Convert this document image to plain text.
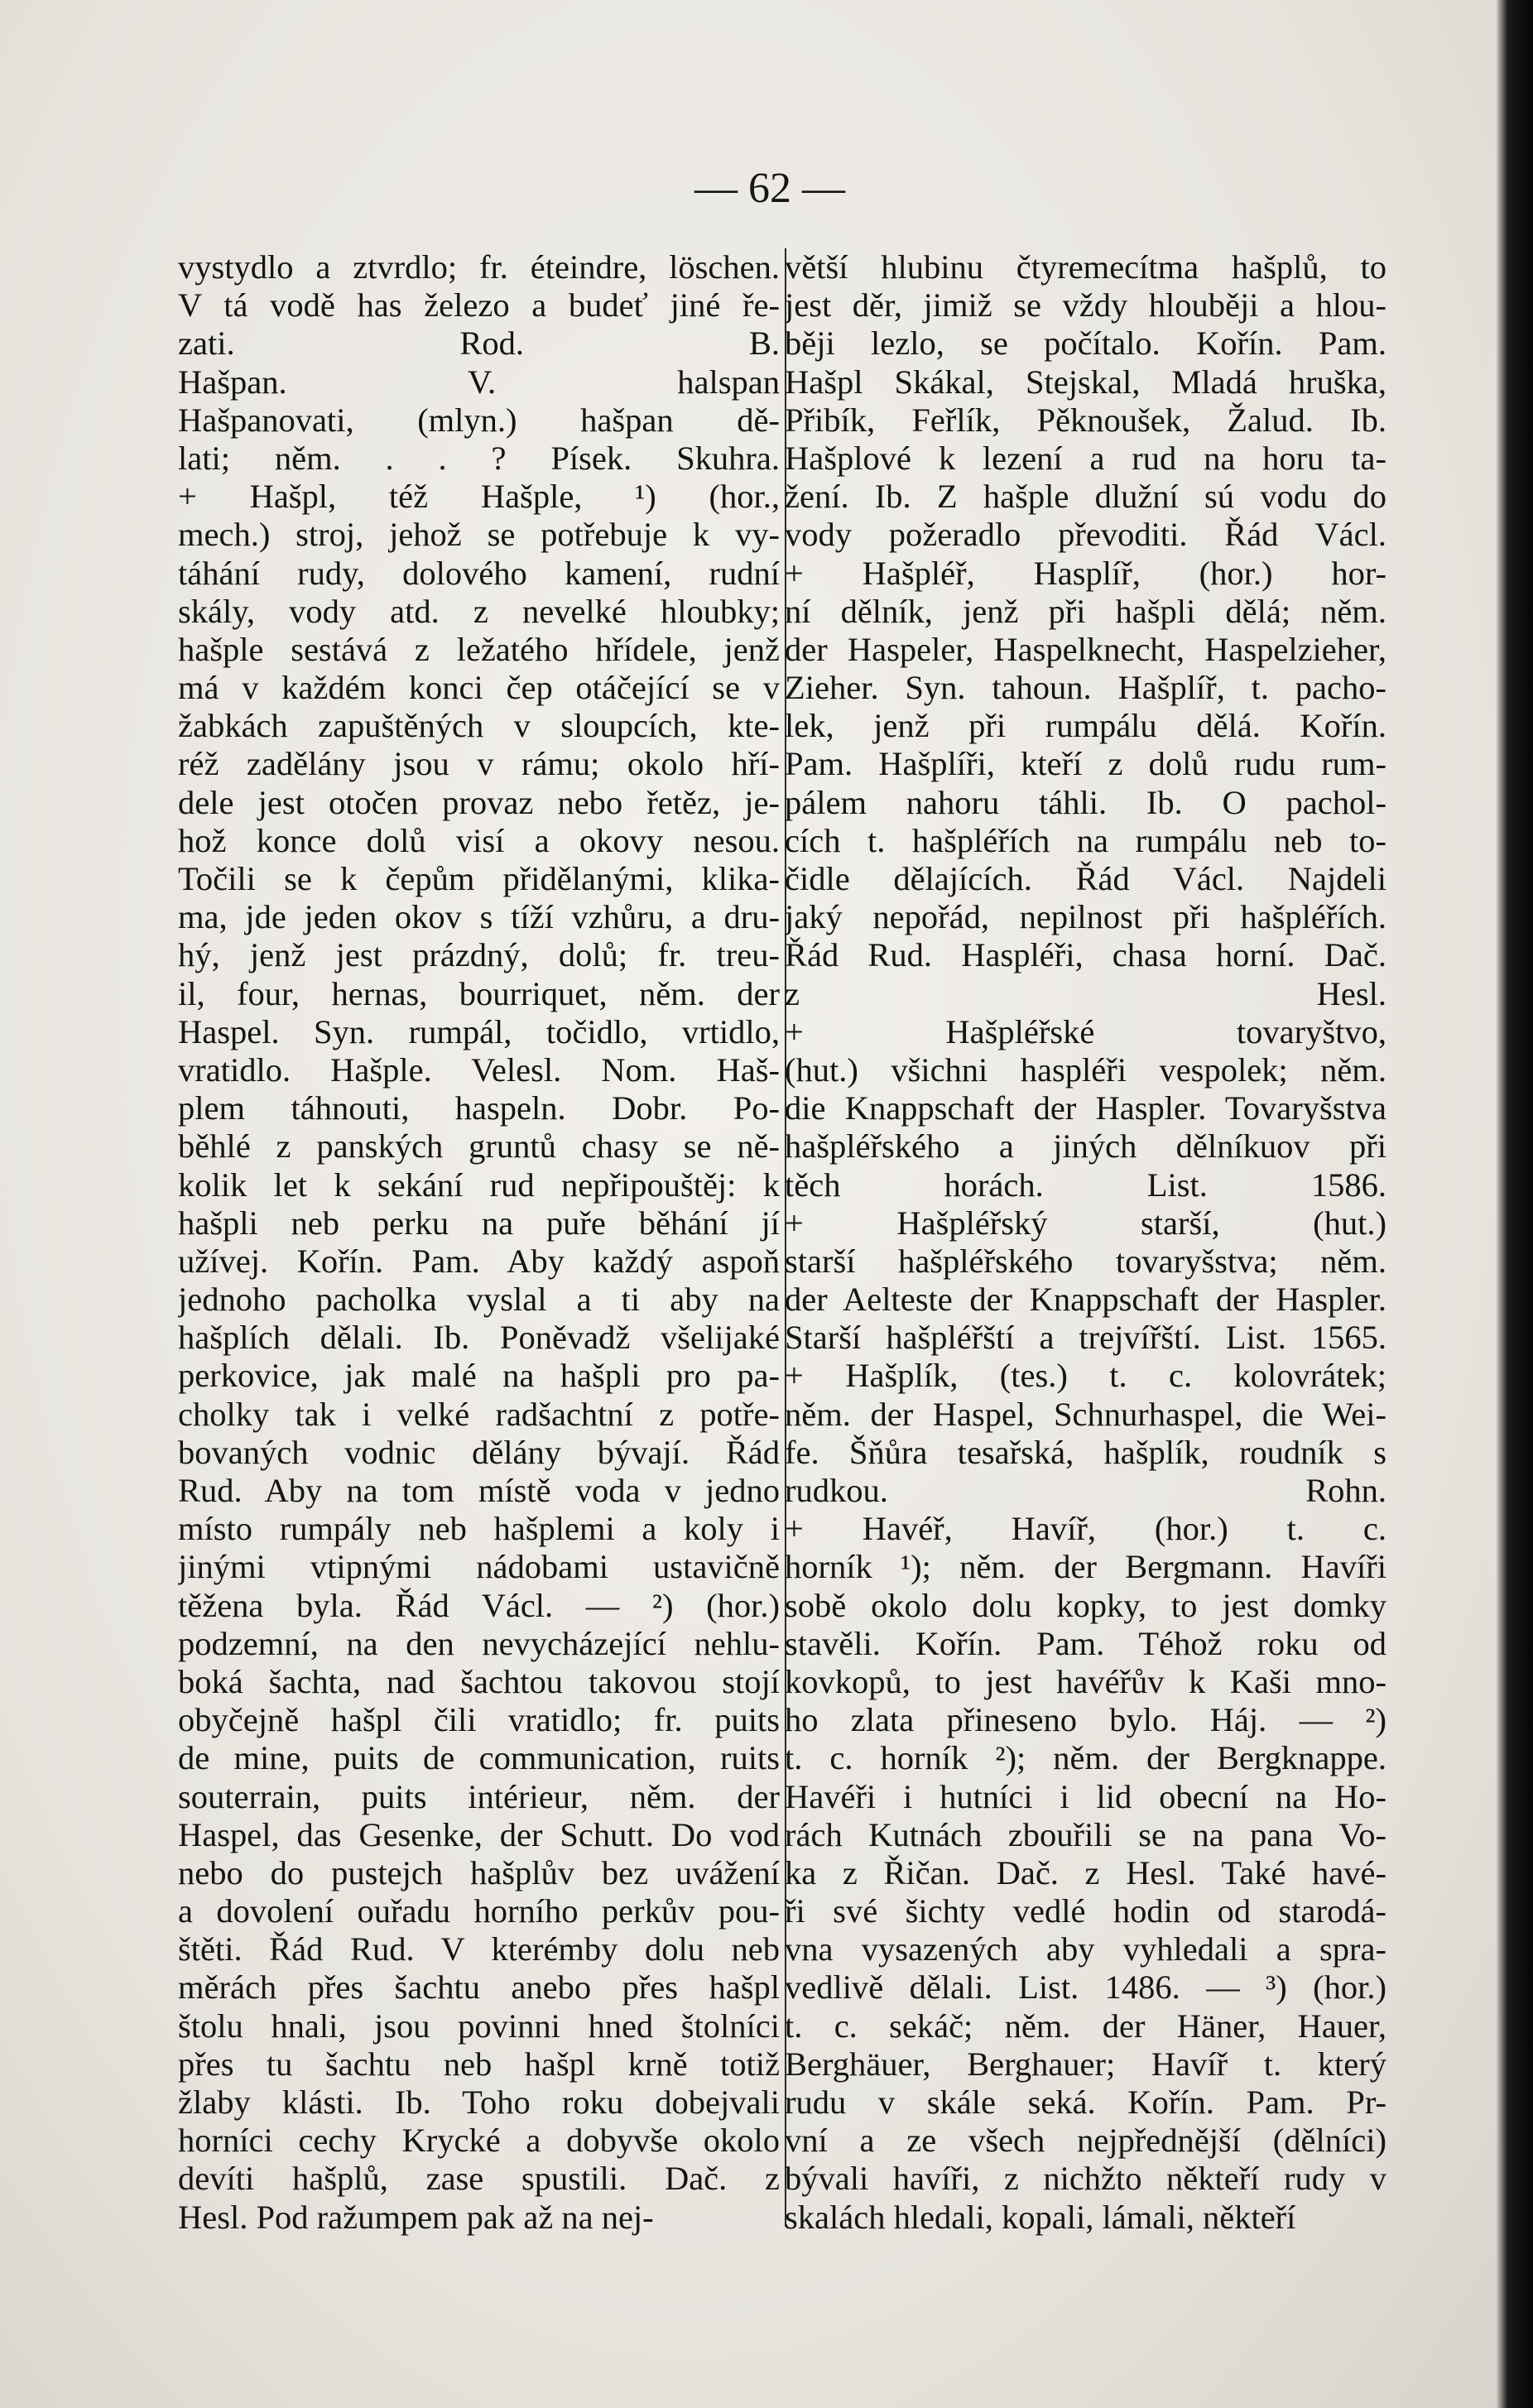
— 62 —
vystydlo a ztvrdlo; fr. éteindre, löschen.
V tá vodě has železo a budeť jiné ře-
zati. Rod. B.
Hašpan. V. halspan
Hašpanovati, (mlyn.) hašpan dě-
lati; něm. . . ? Písek. Skuhra.
+ Hašpl, též Hašple, ¹) (hor.,
mech.) stroj, jehož se potřebuje k vy-
táhání rudy, dolového kamení, rudní
skály, vody atd. z nevelké hloubky;
hašple sestává z ležatého hřídele, jenž
má v každém konci čep otáčející se v
žabkách zapuštěných v sloupcích, kte-
réž zadělány jsou v rámu; okolo hří-
dele jest otočen provaz nebo řetěz, je-
hož konce dolů visí a okovy nesou.
Točili se k čepům přidělanými, klika-
ma, jde jeden okov s tíží vzhůru, a dru-
hý, jenž jest prázdný, dolů; fr. treu-
il, four, hernas, bourriquet, něm. der
Haspel. Syn. rumpál, točidlo, vrtidlo,
vratidlo. Hašple. Velesl. Nom. Haš-
plem táhnouti, haspeln. Dobr. Po-
běhlé z panských gruntů chasy se ně-
kolik let k sekání rud nepřipouštěj: k
hašpli neb perku na puře běhání jí
užívej. Kořín. Pam. Aby každý aspoň
jednoho pacholka vyslal a ti aby na
hašplích dělali. Ib. Poněvadž všelijaké
perkovice, jak malé na hašpli pro pa-
cholky tak i velké radšachtní z potře-
bovaných vodnic dělány bývají. Řád
Rud. Aby na tom místě voda v jedno
místo rumpály neb hašplemi a koly i
jinými vtipnými nádobami ustavičně
těžena byla. Řád Václ. — ²) (hor.)
podzemní, na den nevycházející nehlu-
boká šachta, nad šachtou takovou stojí
obyčejně hašpl čili vratidlo; fr. puits
de mine, puits de communication, ruits
souterrain, puits intérieur, něm. der
Haspel, das Gesenke, der Schutt. Do vod
nebo do pustejch hašplův bez uvážení
a dovolení ouřadu horního perkův pou-
štěti. Řád Rud. V kterémby dolu neb
měrách přes šachtu anebo přes hašpl
štolu hnali, jsou povinni hned štolníci
přes tu šachtu neb hašpl krně totiž
žlaby klásti. Ib. Toho roku dobejvali
horníci cechy Krycké a dobyvše okolo
devíti hašplů, zase spustili. Dač. z
Hesl. Pod ražumpem pak až na nej-
větší hlubinu čtyremecítma hašplů, to
jest děr, jimiž se vždy hlouběji a hlou-
běji lezlo, se počítalo. Kořín. Pam.
Hašpl Skákal, Stejskal, Mladá hruška,
Přibík, Feřlík, Pěknoušek, Žalud. Ib.
Hašplové k lezení a rud na horu ta-
žení. Ib. Z hašple dlužní sú vodu do
vody požeradlo převoditi. Řád Václ.
+ Hašpléř, Hasplíř, (hor.) hor-
ní dělník, jenž při hašpli dělá; něm.
der Haspeler, Haspelknecht, Haspelzieher,
Zieher. Syn. tahoun. Hašplíř, t. pacho-
lek, jenž při rumpálu dělá. Kořín.
Pam. Hašplíři, kteří z dolů rudu rum-
pálem nahoru táhli. Ib. O pachol-
cích t. hašpléřích na rumpálu neb to-
čidle dělajících. Řád Václ. Najdeli
jaký nepořád, nepilnost při hašpléřích.
Řád Rud. Haspléři, chasa horní. Dač.
z Hesl.
+ Hašpléřské tovaryštvo,
(hut.) všichni haspléři vespolek; něm.
die Knappschaft der Haspler. Tovaryšstva
hašpléřského a jiných dělníkuov při
těch horách. List. 1586.
+ Hašpléřský starší, (hut.)
starší hašpléřského tovaryšstva; něm.
der Aelteste der Knappschaft der Haspler.
Starší hašpléřští a trejvířští. List. 1565.
+ Hašplík, (tes.) t. c. kolovrátek;
něm. der Haspel, Schnurhaspel, die Wei-
fe. Šňůra tesařská, hašplík, roudník s
rudkou. Rohn.
+ Havéř, Havíř, (hor.) t. c.
horník ¹); něm. der Bergmann. Havíři
sobě okolo dolu kopky, to jest domky
stavěli. Kořín. Pam. Téhož roku od
kovkopů, to jest havéřův k Kaši mno-
ho zlata přineseno bylo. Háj. — ²)
t. c. horník ²); něm. der Bergknappe.
Havéři i hutníci i lid obecní na Ho-
rách Kutnách zbouřili se na pana Vo-
ka z Řičan. Dač. z Hesl. Také havé-
ři své šichty vedlé hodin od starodá-
vna vysazených aby vyhledali a spra-
vedlivě dělali. List. 1486. — ³) (hor.)
t. c. sekáč; něm. der Häner, Hauer,
Berghäuer, Berghauer; Havíř t. který
rudu v skále seká. Kořín. Pam. Pr-
vní a ze všech nejpřednější (dělníci)
bývali havíři, z nichžto někteří rudy v
skalách hledali, kopali, lámali, někteří
